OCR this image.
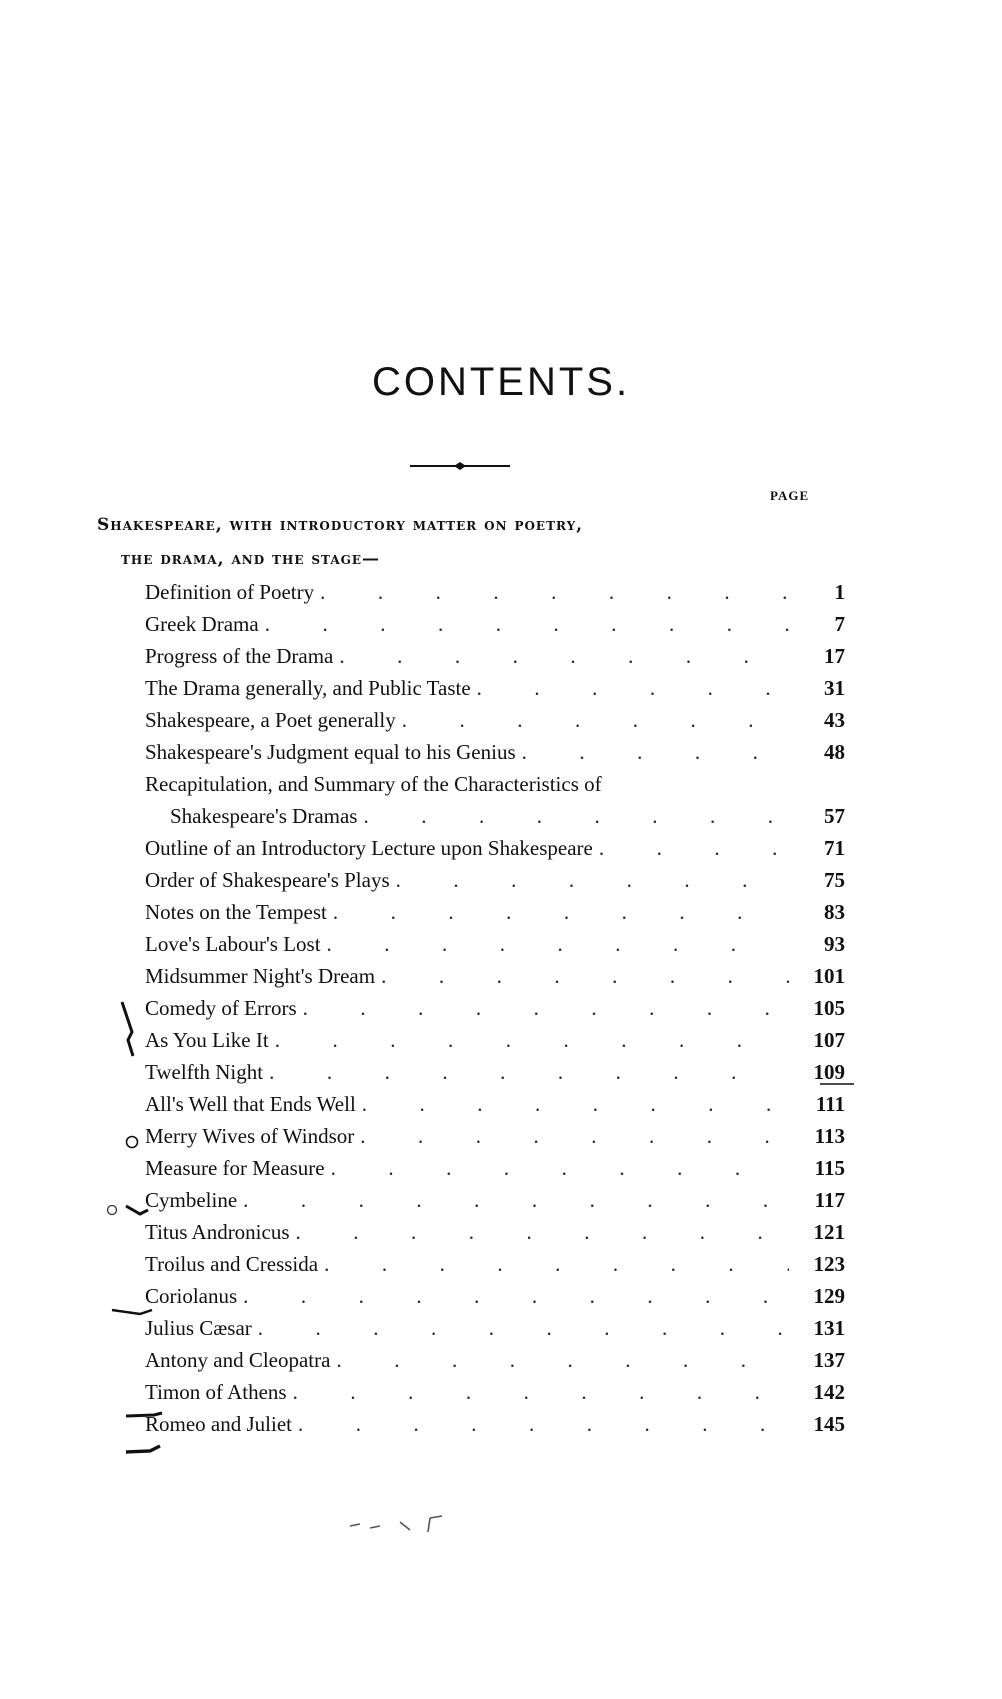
CONTENTS.
PAGE
Shakespeare, with introductory matter on poetry,
the drama, and the stage—
Definition of Poetry .	1
Greek Drama .	7
Progress of the Drama .	17
The Drama generally, and Public Taste .	31
Shakespeare, a Poet generally .	43
Shakespeare's Judgment equal to his Genius .	48
Recapitulation, and Summary of the Characteristics of
Shakespeare's Dramas .	57
Outline of an Introductory Lecture upon Shakespeare .	71
Order of Shakespeare's Plays .	75
Notes on the Tempest .	83
Love's Labour's Lost .	93
Midsummer Night's Dream .	101
Comedy of Errors .	105
As You Like It .	107
Twelfth Night .	109
All's Well that Ends Well .	111
Merry Wives of Windsor .	113
Measure for Measure .	115
Cymbeline .	117
Titus Andronicus .	121
Troilus and Cressida .	123
Coriolanus .	129
Julius Cæsar .	131
Antony and Cleopatra .	137
Timon of Athens .	142
Romeo and Juliet .	145
